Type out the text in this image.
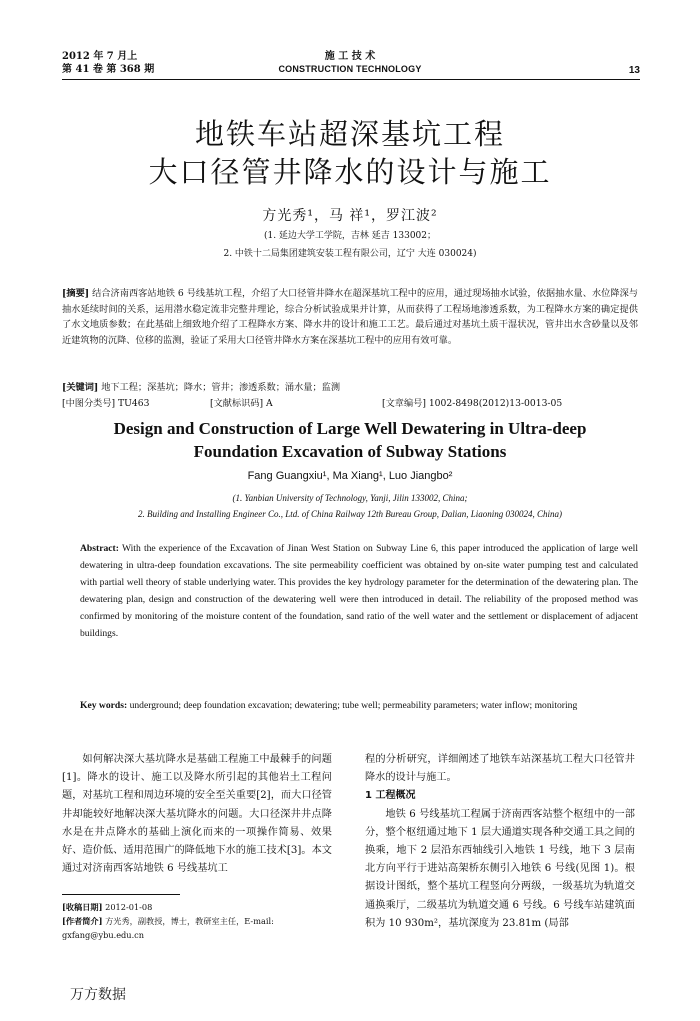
2012 年 7 月上
第 41 卷 第 368 期
施 工 技 术
CONSTRUCTION TECHNOLOGY	13
地铁车站超深基坑工程
大口径管井降水的设计与施工
方光秀¹，马 祥¹，罗江波²
(1. 延边大学工学院，吉林 延吉 133002；
2. 中铁十二局集团建筑安装工程有限公司，辽宁 大连 030024)
[摘要] 结合济南西客站地铁 6 号线基坑工程，介绍了大口径管井降水在超深基坑工程中的应用，通过现场抽水试验，依据抽水量、水位降深与抽水延续时间的关系，运用潜水稳定流非完整井理论，综合分析试验成果并计算，从而获得了工程场地渗透系数，为工程降水方案的确定提供了水文地质参数；在此基础上细致地介绍了工程降水方案、降水井的设计和施工工艺。最后通过对基坑土质干湿状况，管井出水含砂量以及邻近建筑物的沉降、位移的监测，验证了采用大口径管井降水方案在深基坑工程中的应用有效可靠。
[关键词] 地下工程；深基坑；降水；管井；渗透系数；涌水量；监测
[中图分类号] TU463	[文献标识码] A	[文章编号] 1002-8498(2012)13-0013-05
Design and Construction of Large Well Dewatering in Ultra-deep
Foundation Excavation of Subway Stations
Fang Guangxiu¹, Ma Xiang¹, Luo Jiangbo²
(1. Yanbian University of Technology, Yanji, Jilin 133002, China;
2. Building and Installing Engineer Co., Ltd. of China Railway 12th Bureau Group, Dalian, Liaoning 030024, China)
Abstract: With the experience of the Excavation of Jinan West Station on Subway Line 6, this paper introduced the application of large well dewatering in ultra-deep foundation excavations. The site permeability coefficient was obtained by on-site water pumping test and calculated with partial well theory of stable underlying water. This provides the key hydrology parameter for the determination of the dewatering plan. The dewatering plan, design and construction of the dewatering well were then introduced in detail. The reliability of the proposed method was confirmed by monitoring of the moisture content of the foundation, sand ratio of the well water and the settlement or displacement of adjacent buildings.
Key words: underground; deep foundation excavation; dewatering; tube well; permeability parameters; water inflow; monitoring

如何解决深大基坑降水是基础工程施工中最棘手的问题[1]。降水的设计、施工以及降水所引起的其他岩土工程问题，对基坑工程和周边环境的安全至关重要[2]，而大口径管井却能较好地解决深大基坑降水的问题。大口径深井井点降水是在井点降水的基础上演化而来的一项操作简易、效果好、造价低、适用范围广的降低地下水的施工技术[3]。本文通过对济南西客站地铁 6 号线基坑工

程的分析研究，详细阐述了地铁车站深基坑工程大口径管井降水的设计与施工。

1 工程概况

地铁 6 号线基坑工程属于济南西客站整个枢纽中的一部分，整个枢纽通过地下 1 层大通道实现各种交通工具之间的换乘，地下 2 层沿东西轴线引入地铁 1 号线，地下 3 层南北方向平行于进站高架桥东侧引入地铁 6 号线(见图 1)。根据设计图纸，整个基坑工程竖向分两级，一级基坑为轨道交通换乘厅，二级基坑为轨道交通 6 号线。6 号线车站建筑面积为 10 930m²，基坑深度为 23.81m (局部

[收稿日期] 2012-01-08
[作者简介] 方光秀，副教授，博士，教研室主任，E-mail: gxfang@ybu.edu.cn
万方数据
